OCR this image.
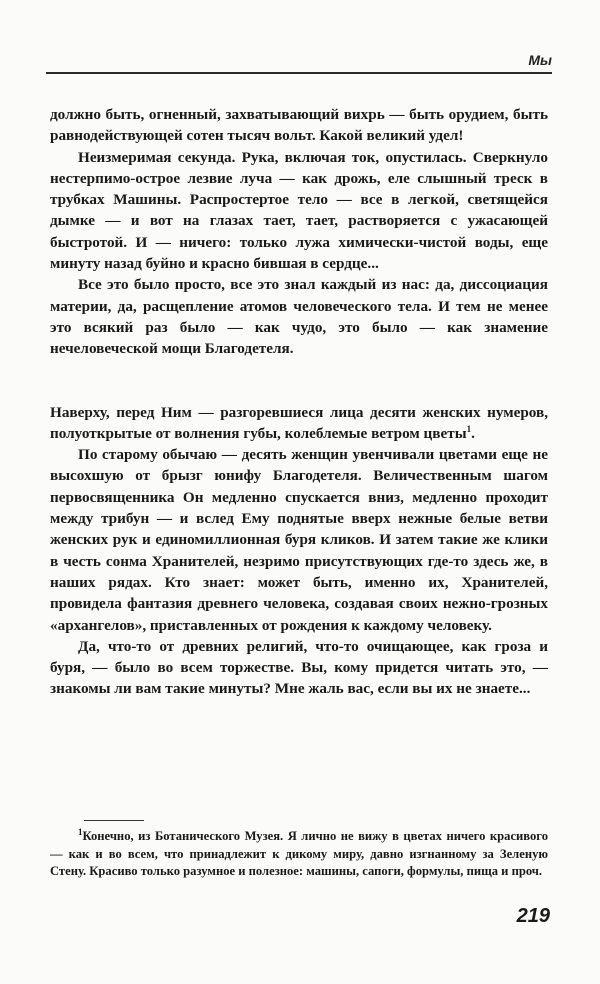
Мы

должно быть, огненный, захватывающий вихрь — быть орудием, быть равнодействующей сотен тысяч вольт. Какой великий удел!

Неизмеримая секунда. Рука, включая ток, опустилась. Сверкнуло нестерпимо-острое лезвие луча — как дрожь, еле слышный треск в трубках Машины. Распростертое тело — все в легкой, светящейся дымке — и вот на глазах тает, тает, растворяется с ужасающей быстротой. И — ничего: только лужа химически-чистой воды, еще минуту назад буйно и красно бившая в сердце...

Все это было просто, все это знал каждый из нас: да, диссоциация материи, да, расщепление атомов человеческого тела. И тем не менее это всякий раз было — как чудо, это было — как знамение нечеловеческой мощи Благодетеля.

Наверху, перед Ним — разгоревшиеся лица десяти женских нумеров, полуоткрытые от волнения губы, колеблемые ветром цветы$^1$.

По старому обычаю — десять женщин увенчивали цветами еще не высохшую от брызг юнифу Благодетеля. Величественным шагом первосвященника Он медленно спускается вниз, медленно проходит между трибун — и вслед Ему поднятые вверх нежные белые ветви женских рук и единомиллионная буря кликов. И затем такие же клики в честь сонма Хранителей, незримо присутствующих где-то здесь же, в наших рядах. Кто знает: может быть, именно их, Хранителей, провидела фантазия древнего человека, создавая своих нежно-грозных «архангелов», приставленных от рождения к каждому человеку.

Да, что-то от древних религий, что-то очищающее, как гроза и буря, — было во всем торжестве. Вы, кому придется читать это, — знакомы ли вам такие минуты? Мне жаль вас, если вы их не знаете...

$^1$Конечно, из Ботанического Музея. Я лично не вижу в цветах ничего красивого — как и во всем, что принадлежит к дикому миру, давно изгнанному за Зеленую Стену. Красиво только разумное и полезное: машины, сапоги, формулы, пища и проч.

219
